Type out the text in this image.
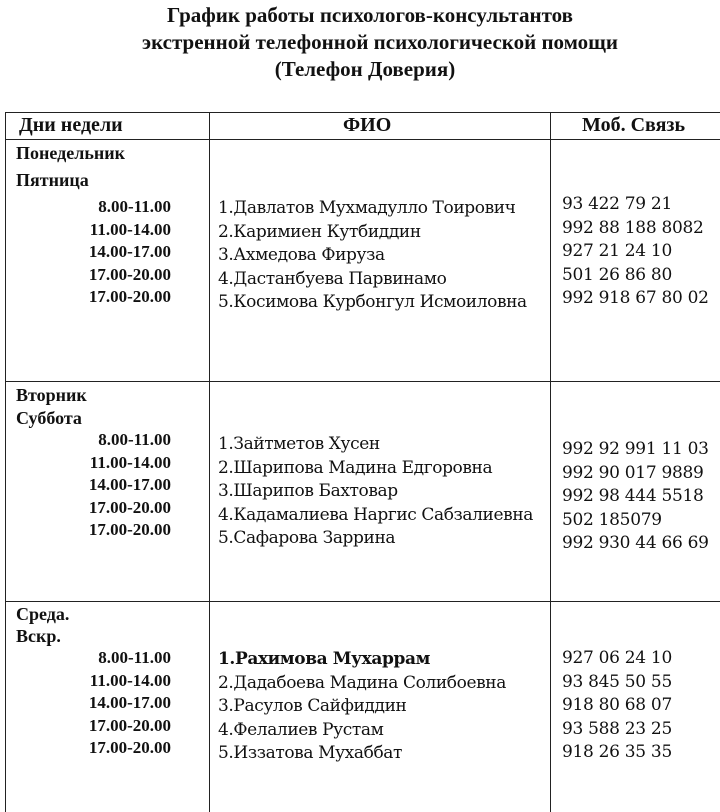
График работы психологов-консультантов
экстренной телефонной психологической помощи
(Телефон Доверия)
Дни недели	ФИО	Моб. Связь
Понедельник
Пятница
8.00-11.00
11.00-14.00
14.00-17.00
17.00-20.00
17.00-20.00
1.Давлатов Мухмадулло Тоирович
2.Каримиен Кутбиддин
3.Ахмедова Фируза
4.Дастанбуева Парвинамо
5.Косимова Курбонгул Исмоиловна
93 422 79 21
992 88 188 8082
927 21 24 10
501 26 86 80
992 918 67 80 02
Вторник
Суббота
8.00-11.00
11.00-14.00
14.00-17.00
17.00-20.00
17.00-20.00
1.Зайтметов Хусен
2.Шарипова Мадина Едгоровна
3.Шарипов Бахтовар
4.Кадамалиева Наргис Сабзалиевна
5.Сафарова Заррина
992 92 991 11 03
992 90 017 9889
992 98 444 5518
502 185079
992 930 44 66 69
Среда.
Вскр.
8.00-11.00
11.00-14.00
14.00-17.00
17.00-20.00
17.00-20.00
1.Рахимова Мухаррам
2.Дадабоева Мадина Солибоевна
3.Расулов Сайфиддин
4.Фелалиев Рустам
5.Иззатова Мухаббат
927 06 24 10
93 845 50 55
918 80 68 07
93 588 23 25
918 26 35 35
